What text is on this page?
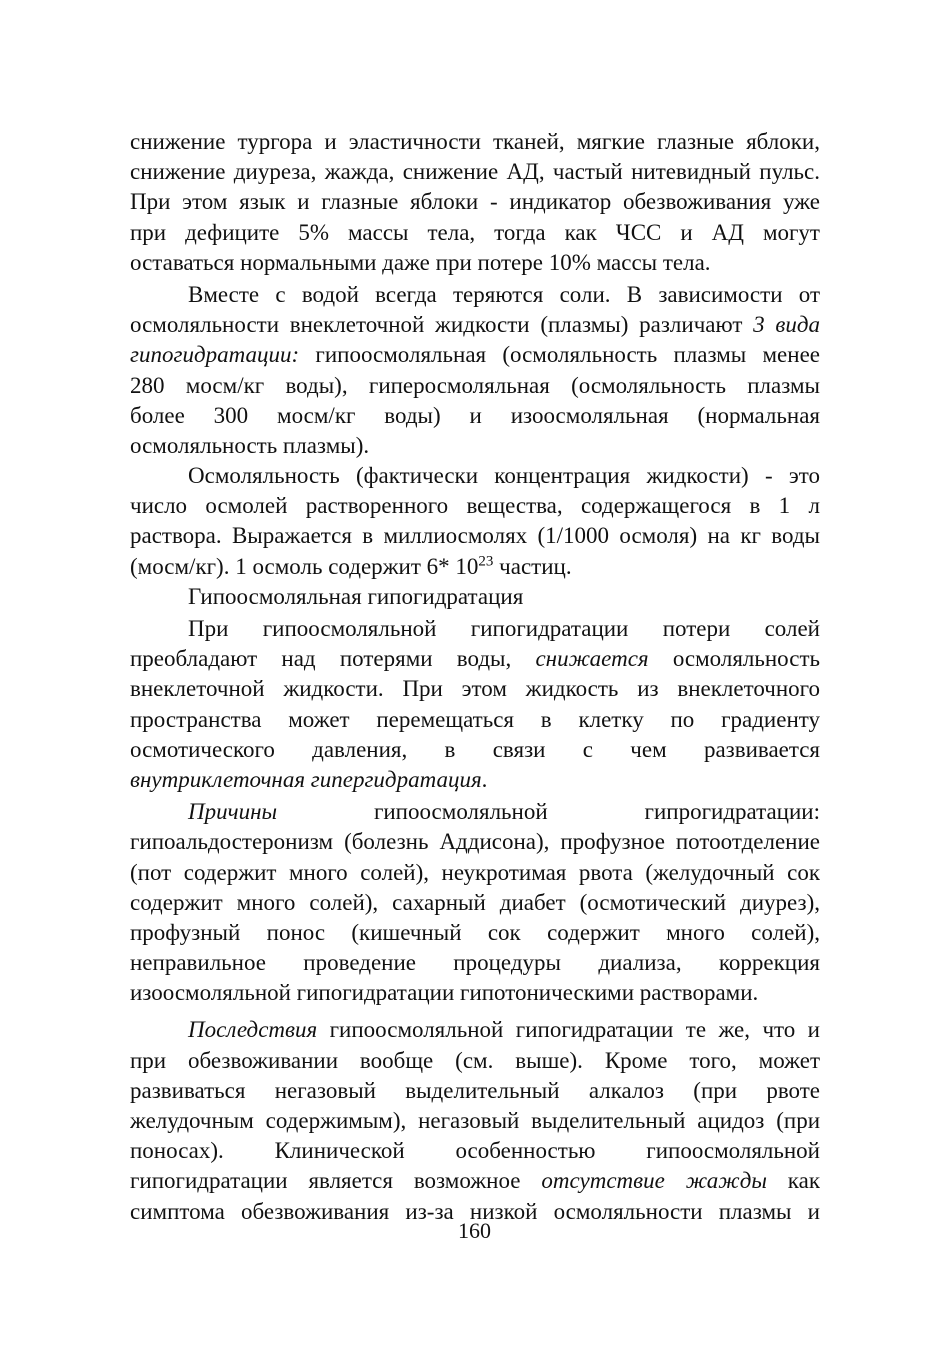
снижение тургора и эластичности тканей, мягкие глазные яблоки,
снижение диуреза, жажда, снижение АД, частый нитевидный пульс.
При этом язык и глазные яблоки - индикатор обезвоживания уже
при дефиците 5% массы тела, тогда как ЧСС и АД могут
оставаться нормальными даже при потере 10% массы тела.
Вместе с водой всегда теряются соли. В зависимости от
осмоляльности внеклеточной жидкости (плазмы) различают 3 вида
гипогидратации: гипоосмоляльная (осмоляльность плазмы менее
280 мосм/кг воды), гиперосмоляльная (осмоляльность плазмы
более 300 мосм/кг воды) и изоосмоляльная (нормальная
осмоляльность плазмы).
Осмоляльность (фактически концентрация жидкости) - это
число осмолей растворенного вещества, содержащегося в 1 л
раствора. Выражается в миллиосмолях (1/1000 осмоля) на кг воды
(мосм/кг). 1 осмоль содержит 6* $10^{23}$ частиц.
Гипоосмоляльная гипогидратация
При гипоосмоляльной гипогидратации потери солей
преобладают над потерями воды, снижается осмоляльность
внеклеточной жидкости. При этом жидкость из внеклеточного
пространства может перемещаться в клетку по градиенту
осмотического давления, в связи с чем развивается
внутриклеточная гипергидратация.
Причины гипоосмоляльной гипрогидратации:
гипоальдостеронизм (болезнь Аддисона), профузное потоотделение
(пот содержит много солей), неукротимая рвота (желудочный сок
содержит много солей), сахарный диабет (осмотический диурез),
профузный понос (кишечный сок содержит много солей),
неправильное проведение процедуры диализа, коррекция
изоосмоляльной гипогидратации гипотоническими растворами.
Последствия гипоосмоляльной гипогидратации те же, что и
при обезвоживании вообще (см. выше). Кроме того, может
развиваться негазовый выделительный алкалоз (при рвоте
желудочным содержимым), негазовый выделительный ацидоз (при
поносах). Клинической особенностью гипоосмоляльной
гипогидратации является возможное отсутствие жажды как
симптома обезвоживания из-за низкой осмоляльности плазмы и
160
